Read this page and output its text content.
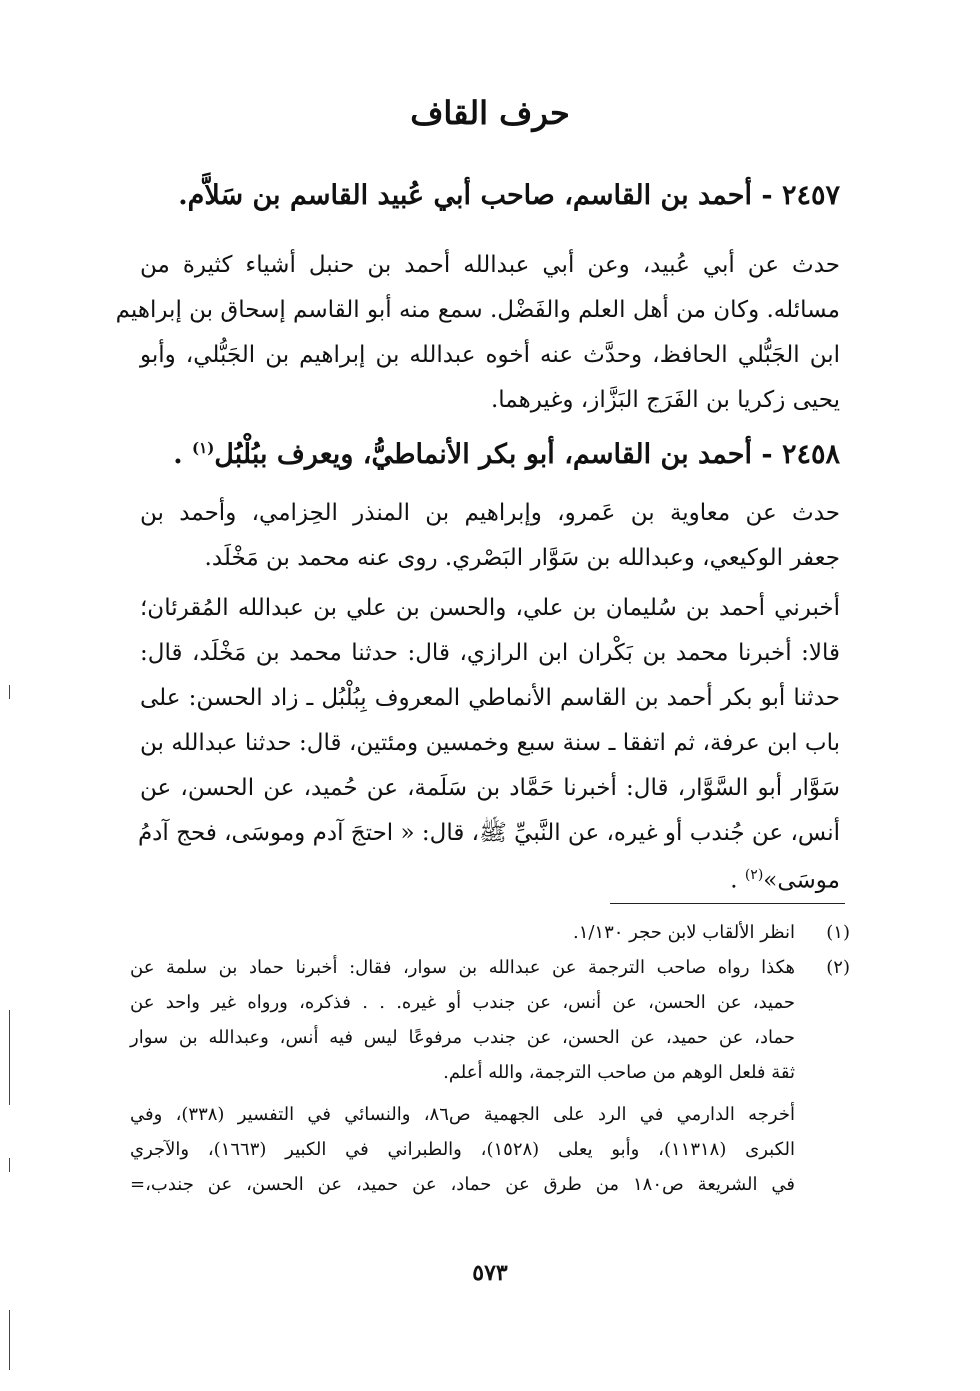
حرف القاف
٢٤٥٧ - أحمد بن القاسم، صاحب أبي عُبيد القاسم بن سَلاَّم.
حدث عن أبي عُبيد، وعن أبي عبدالله أحمد بن حنبل أشياء كثيرة من
مسائله. وكان من أهل العلم والفَضْل. سمع منه أبو القاسم إسحاق بن إبراهيم
ابن الجَبُّلي الحافظ، وحدَّث عنه أخوه عبدالله بن إبراهيم بن الجَبُّلي، وأبو
يحيى زكريا بن الفَرَج البَزَّاز، وغيرهما.
٢٤٥٨ - أحمد بن القاسم، أبو بكر الأنماطيُّ، ويعرف ببُلْبُل$^{(١)}$ .
حدث عن معاوية بن عَمرو، وإبراهيم بن المنذر الحِزامي، وأحمد بن
جعفر الوكيعي، وعبدالله بن سَوَّار البَصْري. روى عنه محمد بن مَخْلَد.
أخبرني أحمد بن سُليمان بن علي، والحسن بن علي بن عبدالله المُقرئان؛
قالا: أخبرنا محمد بن بَكْران ابن الرازي، قال: حدثنا محمد بن مَخْلَد، قال:
حدثنا أبو بكر أحمد بن القاسم الأنماطي المعروف بِبُلْبُل ـ زاد الحسن: على
باب ابن عرفة، ثم اتفقا ـ سنة سبع وخمسين ومئتين، قال: حدثنا عبدالله بن
سَوَّار أبو السَّوَّار، قال: أخبرنا حَمَّاد بن سَلَمة، عن حُميد، عن الحسن، عن
أنس، عن جُندب أو غيره، عن النَّبيِّ ﷺ، قال: « احتجَ آدم وموسَى، فحج آدمُ
موسَى»$^{(٢)}$ .
(١)
انظر الألقاب لابن حجر ١/١٣٠.
(٢)
هكذا رواه صاحب الترجمة عن عبدالله بن سوار، فقال: أخبرنا حماد بن سلمة عن
حميد، عن الحسن، عن أنس، عن جندب أو غيره. . . فذكره، ورواه غير واحد عن
حماد، عن حميد، عن الحسن، عن جندب مرفوعًا ليس فيه أنس، وعبدالله بن سوار
ثقة فلعل الوهم من صاحب الترجمة، والله أعلم.
أخرجه الدارمي في الرد على الجهمية ص٨٦، والنسائي في التفسير (٣٣٨)، وفي
الكبرى (١١٣١٨)، وأبو يعلى (١٥٢٨)، والطبراني في الكبير (١٦٦٣)، والآجري
في الشريعة ص١٨٠ من طرق عن حماد، عن حميد، عن الحسن، عن جندب،=
٥٧٣
